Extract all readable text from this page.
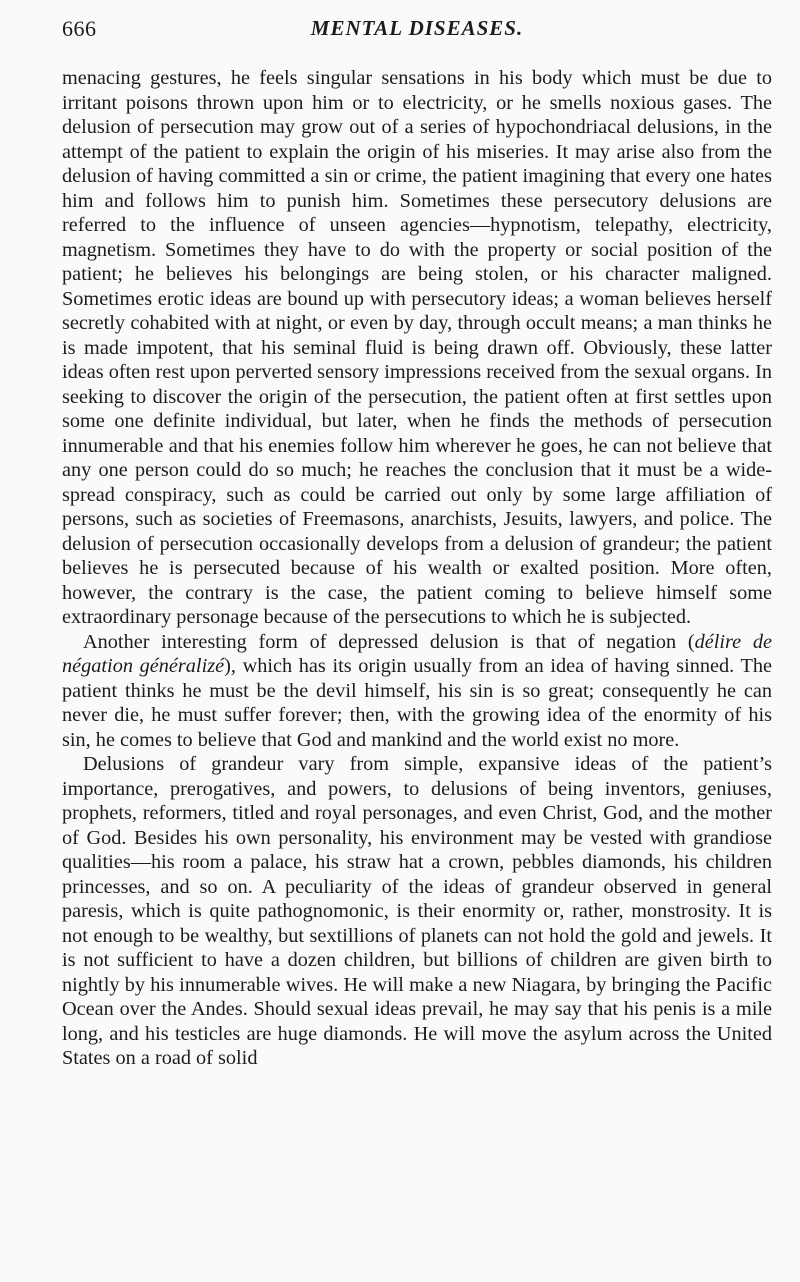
666	MENTAL DISEASES.

menacing gestures, he feels singular sensations in his body which must be due to irritant poisons thrown upon him or to electricity, or he smells noxious gases. The delusion of persecution may grow out of a series of hypochondriacal delusions, in the attempt of the patient to explain the origin of his miseries. It may arise also from the delusion of having committed a sin or crime, the patient imagining that every one hates him and follows him to punish him. Sometimes these persecutory delusions are referred to the influence of unseen agencies—hypnotism, telepathy, electricity, magnetism. Sometimes they have to do with the property or social position of the patient; he believes his belongings are being stolen, or his character maligned. Sometimes erotic ideas are bound up with persecutory ideas; a woman believes herself secretly cohabited with at night, or even by day, through occult means; a man thinks he is made impotent, that his seminal fluid is being drawn off. Obviously, these latter ideas often rest upon perverted sensory impressions received from the sexual organs. In seeking to discover the origin of the persecution, the patient often at first settles upon some one definite individual, but later, when he finds the methods of persecution innumerable and that his enemies follow him wherever he goes, he can not believe that any one person could do so much; he reaches the conclusion that it must be a wide-spread conspiracy, such as could be carried out only by some large affiliation of persons, such as societies of Freemasons, anarchists, Jesuits, lawyers, and police. The delusion of persecution occasionally develops from a delusion of grandeur; the patient believes he is persecuted because of his wealth or exalted position. More often, however, the contrary is the case, the patient coming to believe himself some extraordinary personage because of the persecutions to which he is subjected.

Another interesting form of depressed delusion is that of negation (délire de négation généralizé), which has its origin usually from an idea of having sinned. The patient thinks he must be the devil himself, his sin is so great; consequently he can never die, he must suffer forever; then, with the growing idea of the enormity of his sin, he comes to believe that God and mankind and the world exist no more.

Delusions of grandeur vary from simple, expansive ideas of the patient’s importance, prerogatives, and powers, to delusions of being inventors, geniuses, prophets, reformers, titled and royal personages, and even Christ, God, and the mother of God. Besides his own personality, his environment may be vested with grandiose qualities—his room a palace, his straw hat a crown, pebbles diamonds, his children princesses, and so on. A peculiarity of the ideas of grandeur observed in general paresis, which is quite pathognomonic, is their enormity or, rather, monstrosity. It is not enough to be wealthy, but sextillions of planets can not hold the gold and jewels. It is not sufficient to have a dozen children, but billions of children are given birth to nightly by his innumerable wives. He will make a new Niagara, by bringing the Pacific Ocean over the Andes. Should sexual ideas prevail, he may say that his penis is a mile long, and his testicles are huge diamonds. He will move the asylum across the United States on a road of solid
